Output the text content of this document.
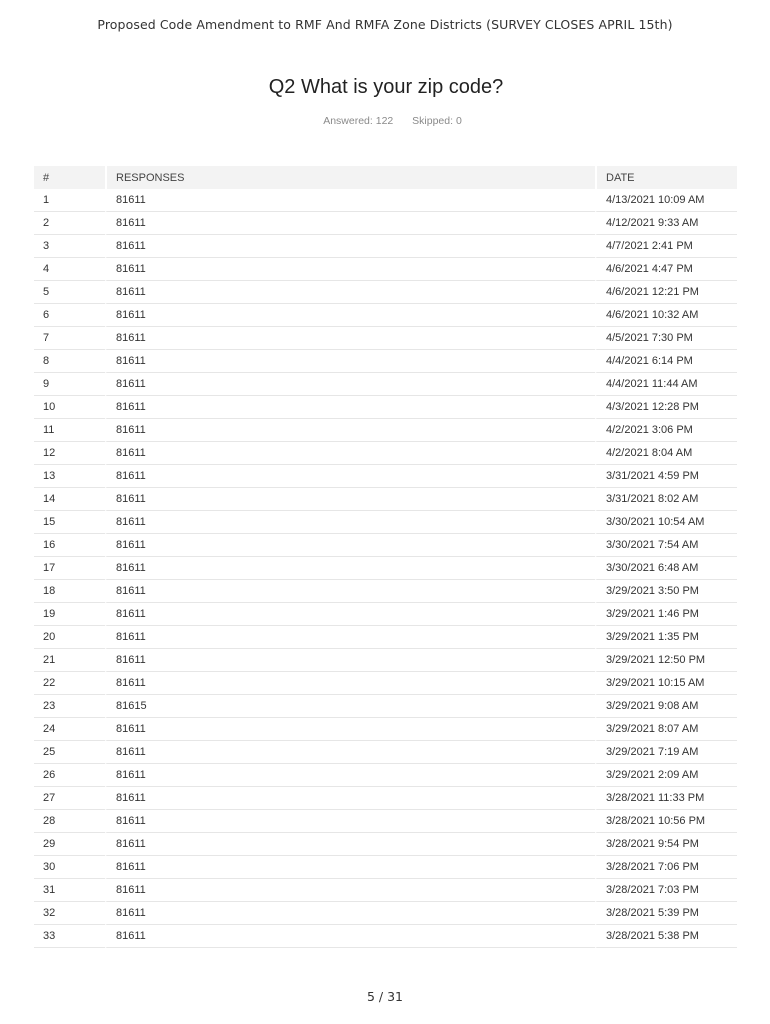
Proposed Code Amendment to RMF And RMFA Zone Districts (SURVEY CLOSES APRIL 15th)
Q2 What is your zip code?
Answered: 122 Skipped: 0
#	RESPONSES	DATE
1	81611	4/13/2021 10:09 AM
2	81611	4/12/2021 9:33 AM
3	81611	4/7/2021 2:41 PM
4	81611	4/6/2021 4:47 PM
5	81611	4/6/2021 12:21 PM
6	81611	4/6/2021 10:32 AM
7	81611	4/5/2021 7:30 PM
8	81611	4/4/2021 6:14 PM
9	81611	4/4/2021 11:44 AM
10	81611	4/3/2021 12:28 PM
11	81611	4/2/2021 3:06 PM
12	81611	4/2/2021 8:04 AM
13	81611	3/31/2021 4:59 PM
14	81611	3/31/2021 8:02 AM
15	81611	3/30/2021 10:54 AM
16	81611	3/30/2021 7:54 AM
17	81611	3/30/2021 6:48 AM
18	81611	3/29/2021 3:50 PM
19	81611	3/29/2021 1:46 PM
20	81611	3/29/2021 1:35 PM
21	81611	3/29/2021 12:50 PM
22	81611	3/29/2021 10:15 AM
23	81615	3/29/2021 9:08 AM
24	81611	3/29/2021 8:07 AM
25	81611	3/29/2021 7:19 AM
26	81611	3/29/2021 2:09 AM
27	81611	3/28/2021 11:33 PM
28	81611	3/28/2021 10:56 PM
29	81611	3/28/2021 9:54 PM
30	81611	3/28/2021 7:06 PM
31	81611	3/28/2021 7:03 PM
32	81611	3/28/2021 5:39 PM
33	81611	3/28/2021 5:38 PM
5 / 31
